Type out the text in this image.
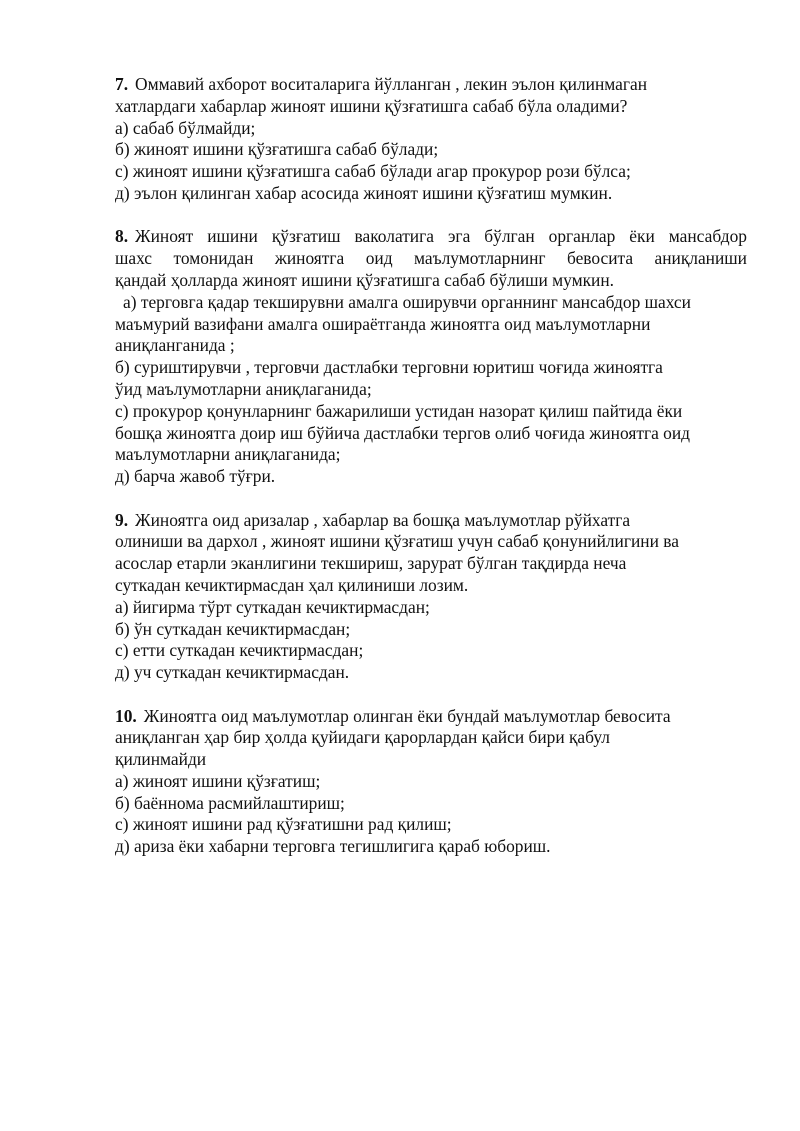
7. Оммавий ахборот воситаларига йўлланган , лекин эълон қилинмаган
хатлардаги хабарлар жиноят ишини қўзғатишга сабаб бўла оладими?
а) сабаб бўлмайди;
б) жиноят ишини қўзғатишга сабаб бўлади;
с) жиноят ишини қўзғатишга сабаб бўлади агар прокурор рози бўлса;
д) эълон қилинган хабар асосида жиноят ишини қўзғатиш мумкин.
8. Жиноят ишини қўзғатиш ваколатига эга бўлган органлар ёки мансабдор
шахс томонидан жиноятга оид маълумотларнинг бевосита аниқланиши
қандай ҳолларда жиноят ишини қўзғатишга сабаб бўлиши мумкин.
а) терговга қадар текширувни амалга оширувчи органнинг мансабдор шахси
маъмурий вазифани амалга ошираётганда жиноятга оид маълумотларни
аниқланганида ;
б) суриштирувчи , терговчи дастлабки терговни юритиш чоғида жиноятга
ўид маълумотларни аниқлаганида;
с) прокурор қонунларнинг бажарилиши устидан назорат қилиш пайтида ёки
бошқа жиноятга доир иш бўйича дастлабки тергов олиб чоғида жиноятга оид
маълумотларни аниқлаганида;
д) барча жавоб тўғри.
9. Жиноятга оид аризалар , хабарлар ва бошқа маълумотлар рўйхатга
олиниши ва дархол , жиноят ишини қўзғатиш учун сабаб қонунийлигини ва
асослар етарли эканлигини текшириш, зарурат бўлган тақдирда неча
суткадан кечиктирмасдан ҳал қилиниши лозим.
а) йигирма тўрт суткадан кечиктирмасдан;
б) ўн суткадан кечиктирмасдан;
с) етти суткадан кечиктирмасдан;
д) уч суткадан кечиктирмасдан.
10. Жиноятга оид маълумотлар олинган ёки бундай маълумотлар бевосита
аниқланган ҳар бир ҳолда қуйидаги қарорлардан қайси бири қабул
қилинмайди
а) жиноят ишини қўзғатиш;
б) баённома расмийлаштириш;
с) жиноят ишини рад қўзғатишни рад қилиш;
д) ариза ёки хабарни терговга тегишлигига қараб юбориш.
